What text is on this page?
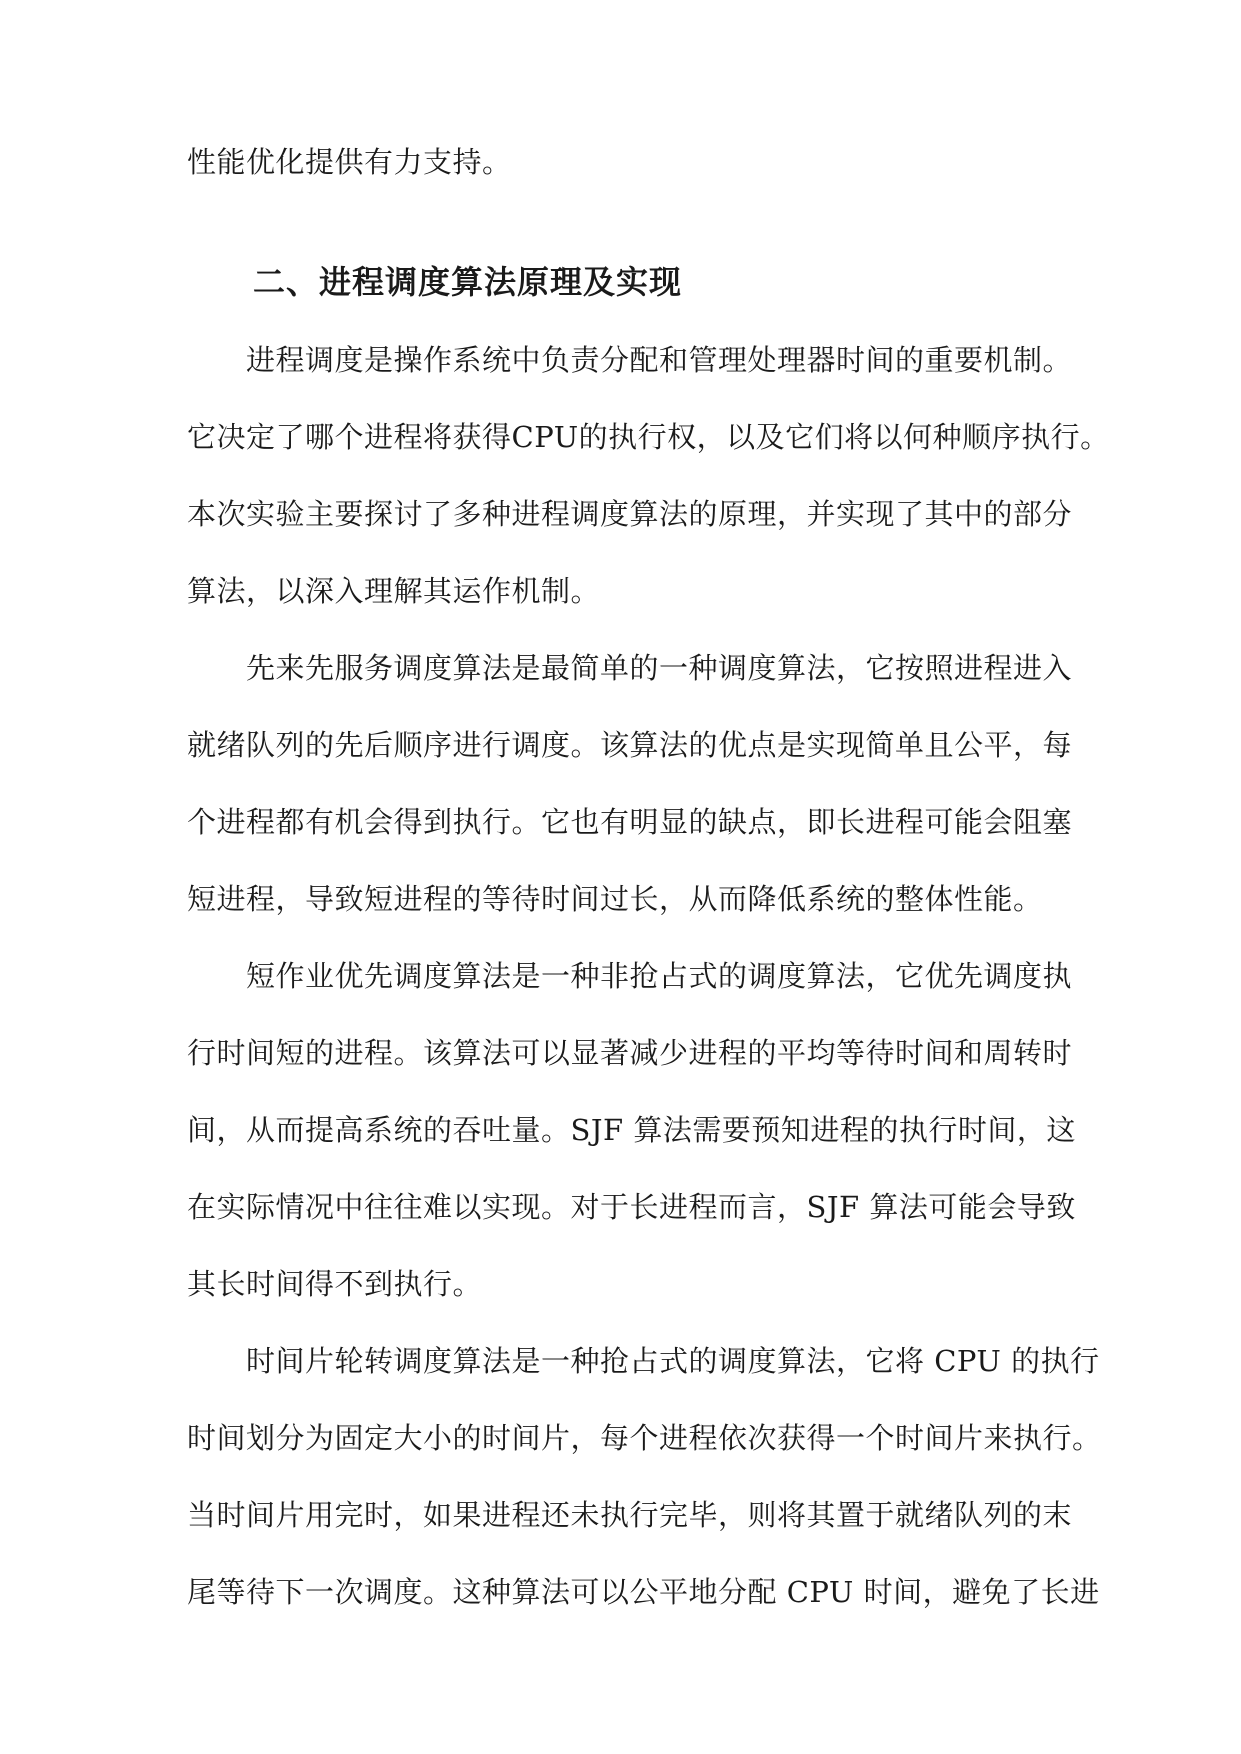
性能优化提供有力支持。
二、进程调度算法原理及实现
进程调度是操作系统中负责分配和管理处理器时间的重要机制。
它决定了哪个进程将获得CPU的执行权，以及它们将以何种顺序执行。
本次实验主要探讨了多种进程调度算法的原理，并实现了其中的部分
算法，以深入理解其运作机制。
先来先服务调度算法是最简单的一种调度算法，它按照进程进入
就绪队列的先后顺序进行调度。该算法的优点是实现简单且公平，每
个进程都有机会得到执行。它也有明显的缺点，即长进程可能会阻塞
短进程，导致短进程的等待时间过长，从而降低系统的整体性能。
短作业优先调度算法是一种非抢占式的调度算法，它优先调度执
行时间短的进程。该算法可以显著减少进程的平均等待时间和周转时
间，从而提高系统的吞吐量。SJF 算法需要预知进程的执行时间，这
在实际情况中往往难以实现。对于长进程而言，SJF 算法可能会导致
其长时间得不到执行。
时间片轮转调度算法是一种抢占式的调度算法，它将 CPU 的执行
时间划分为固定大小的时间片，每个进程依次获得一个时间片来执行。
当时间片用完时，如果进程还未执行完毕，则将其置于就绪队列的末
尾等待下一次调度。这种算法可以公平地分配 CPU 时间，避免了长进
